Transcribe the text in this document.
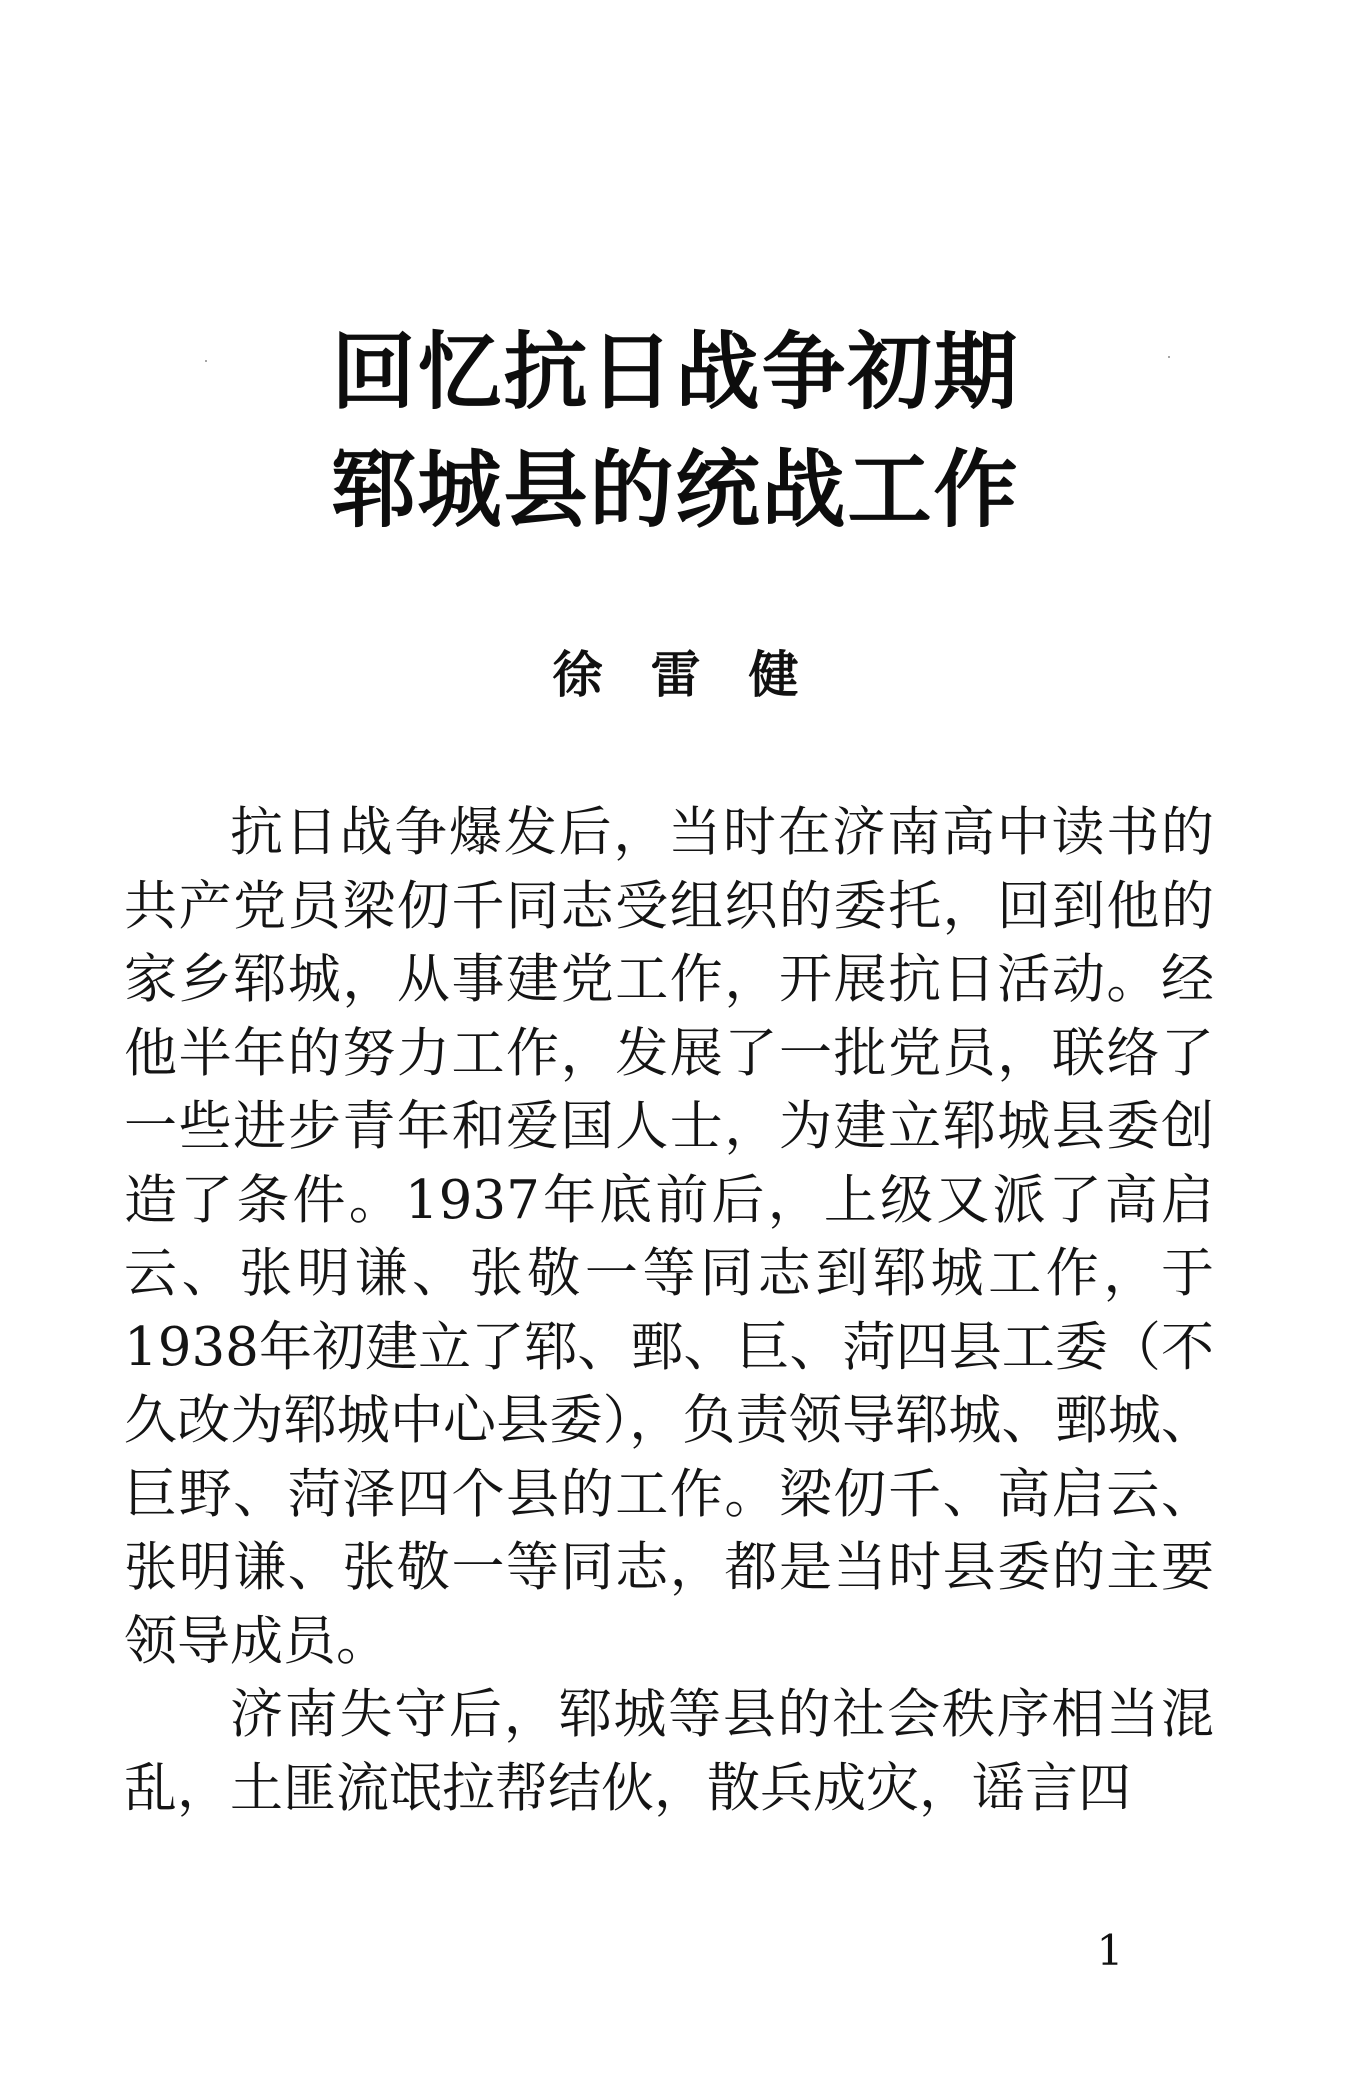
回忆抗日战争初期
郓城县的统战工作
徐雷健

抗日战争爆发后，当时在济南高中读书的共产党员梁仞千同志受组织的委托，回到他的家乡郓城，从事建党工作，开展抗日活动。经他半年的努力工作，发展了一批党员，联络了一些进步青年和爱国人士，为建立郓城县委创造了条件。1937年底前后，上级又派了高启云、张明谦、张敬一等同志到郓城工作，于1938年初建立了郓、鄄、巨、菏四县工委（不久改为郓城中心县委），负责领导郓城、鄄城、巨野、菏泽四个县的工作。梁仞千、高启云、张明谦、张敬一等同志，都是当时县委的主要领导成员。

济南失守后，郓城等县的社会秩序相当混乱，土匪流氓拉帮结伙，散兵成灾，谣言四

1
